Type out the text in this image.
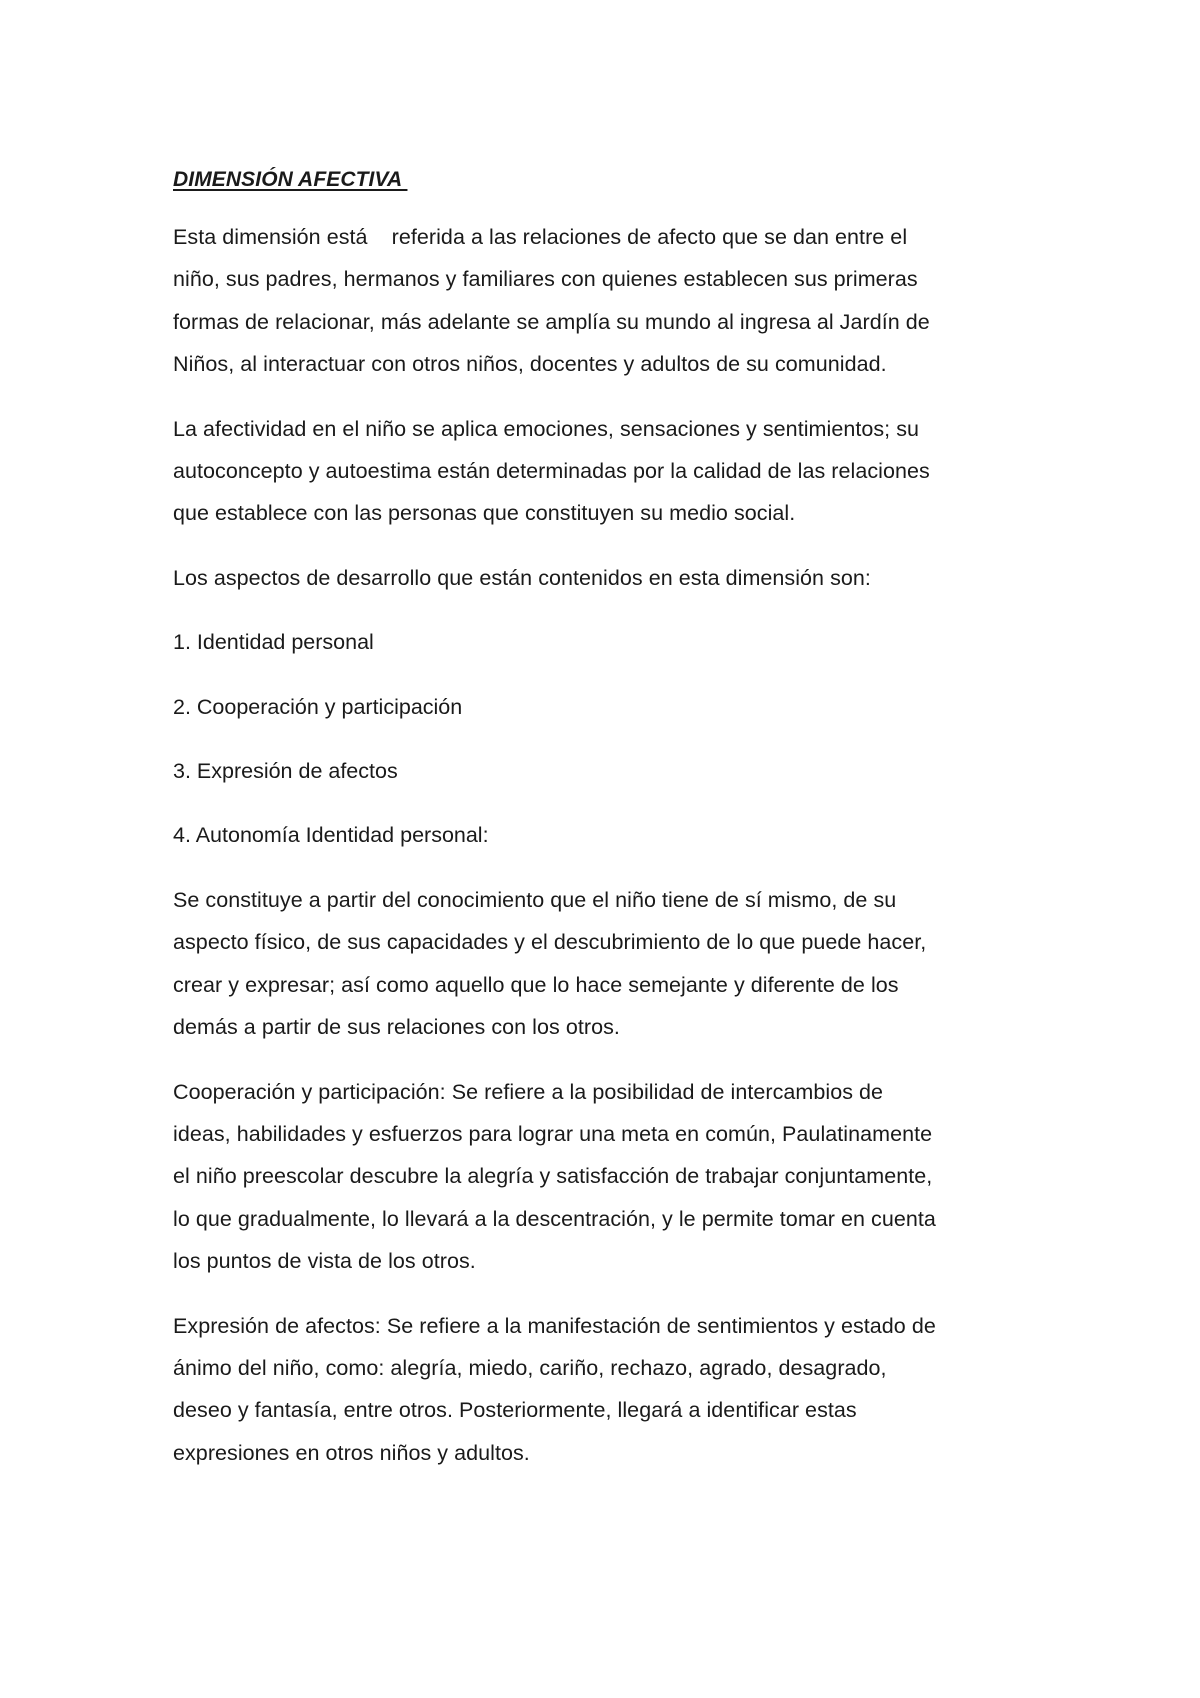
DIMENSIÓN AFECTIVA
Esta dimensión está    referida a las relaciones de afecto que se dan entre el
niño, sus padres, hermanos y familiares con quienes establecen sus primeras
formas de relacionar, más adelante se amplía su mundo al ingresa al Jardín de
Niños, al interactuar con otros niños, docentes y adultos de su comunidad.
La afectividad en el niño se aplica emociones, sensaciones y sentimientos; su
autoconcepto y autoestima están determinadas por la calidad de las relaciones
que establece con las personas que constituyen su medio social.
Los aspectos de desarrollo que están contenidos en esta dimensión son:
1. Identidad personal
2. Cooperación y participación
3. Expresión de afectos
4. Autonomía Identidad personal:
Se constituye a partir del conocimiento que el niño tiene de sí mismo, de su
aspecto físico, de sus capacidades y el descubrimiento de lo que puede hacer,
crear y expresar; así como aquello que lo hace semejante y diferente de los
demás a partir de sus relaciones con los otros.
Cooperación y participación: Se refiere a la posibilidad de intercambios de
ideas, habilidades y esfuerzos para lograr una meta en común, Paulatinamente
el niño preescolar descubre la alegría y satisfacción de trabajar conjuntamente,
lo que gradualmente, lo llevará a la descentración, y le permite tomar en cuenta
los puntos de vista de los otros.
Expresión de afectos: Se refiere a la manifestación de sentimientos y estado de
ánimo del niño, como: alegría, miedo, cariño, rechazo, agrado, desagrado,
deseo y fantasía, entre otros. Posteriormente, llegará a identificar estas
expresiones en otros niños y adultos.
